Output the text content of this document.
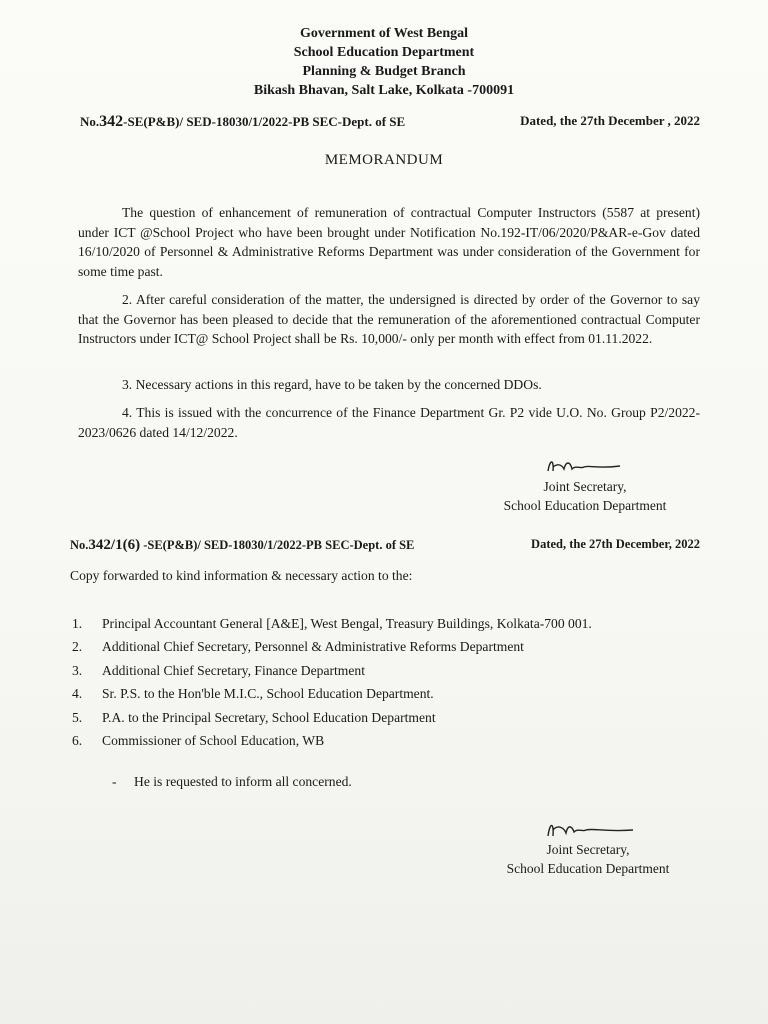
Government of West Bengal
School Education Department
Planning & Budget Branch
Bikash Bhavan, Salt Lake, Kolkata -700091
No.342-SE(P&B)/ SED-18030/1/2022-PB SEC-Dept. of SE	Dated, the 27th December , 2022
MEMORANDUM
The question of enhancement of remuneration of contractual Computer Instructors (5587 at present) under ICT @School Project who have been brought under Notification No.192-IT/06/2020/P&AR-e-Gov dated 16/10/2020 of Personnel & Administrative Reforms Department was under consideration of the Government for some time past.
2. After careful consideration of the matter, the undersigned is directed by order of the Governor to say that the Governor has been pleased to decide that the remuneration of the aforementioned contractual Computer Instructors under ICT@ School Project shall be Rs. 10,000/- only per month with effect from 01.11.2022.
3. Necessary actions in this regard, have to be taken by the concerned DDOs.
4. This is issued with the concurrence of the Finance Department Gr. P2 vide U.O. No. Group P2/2022-2023/0626 dated 14/12/2022.
Joint Secretary,
School Education Department
No.342/1(6) -SE(P&B)/ SED-18030/1/2022-PB SEC-Dept. of SE	Dated, the 27th December, 2022
Copy forwarded to kind information & necessary action to the:
1.	Principal Accountant General [A&E], West Bengal, Treasury Buildings, Kolkata-700 001.
2.	Additional Chief Secretary, Personnel & Administrative Reforms Department
3.	Additional Chief Secretary, Finance Department
4.	Sr. P.S. to the Hon'ble M.I.C., School Education Department.
5.	P.A. to the Principal Secretary, School Education Department
6.	Commissioner of School Education, WB
-	He is requested to inform all concerned.
Joint Secretary,
School Education Department
